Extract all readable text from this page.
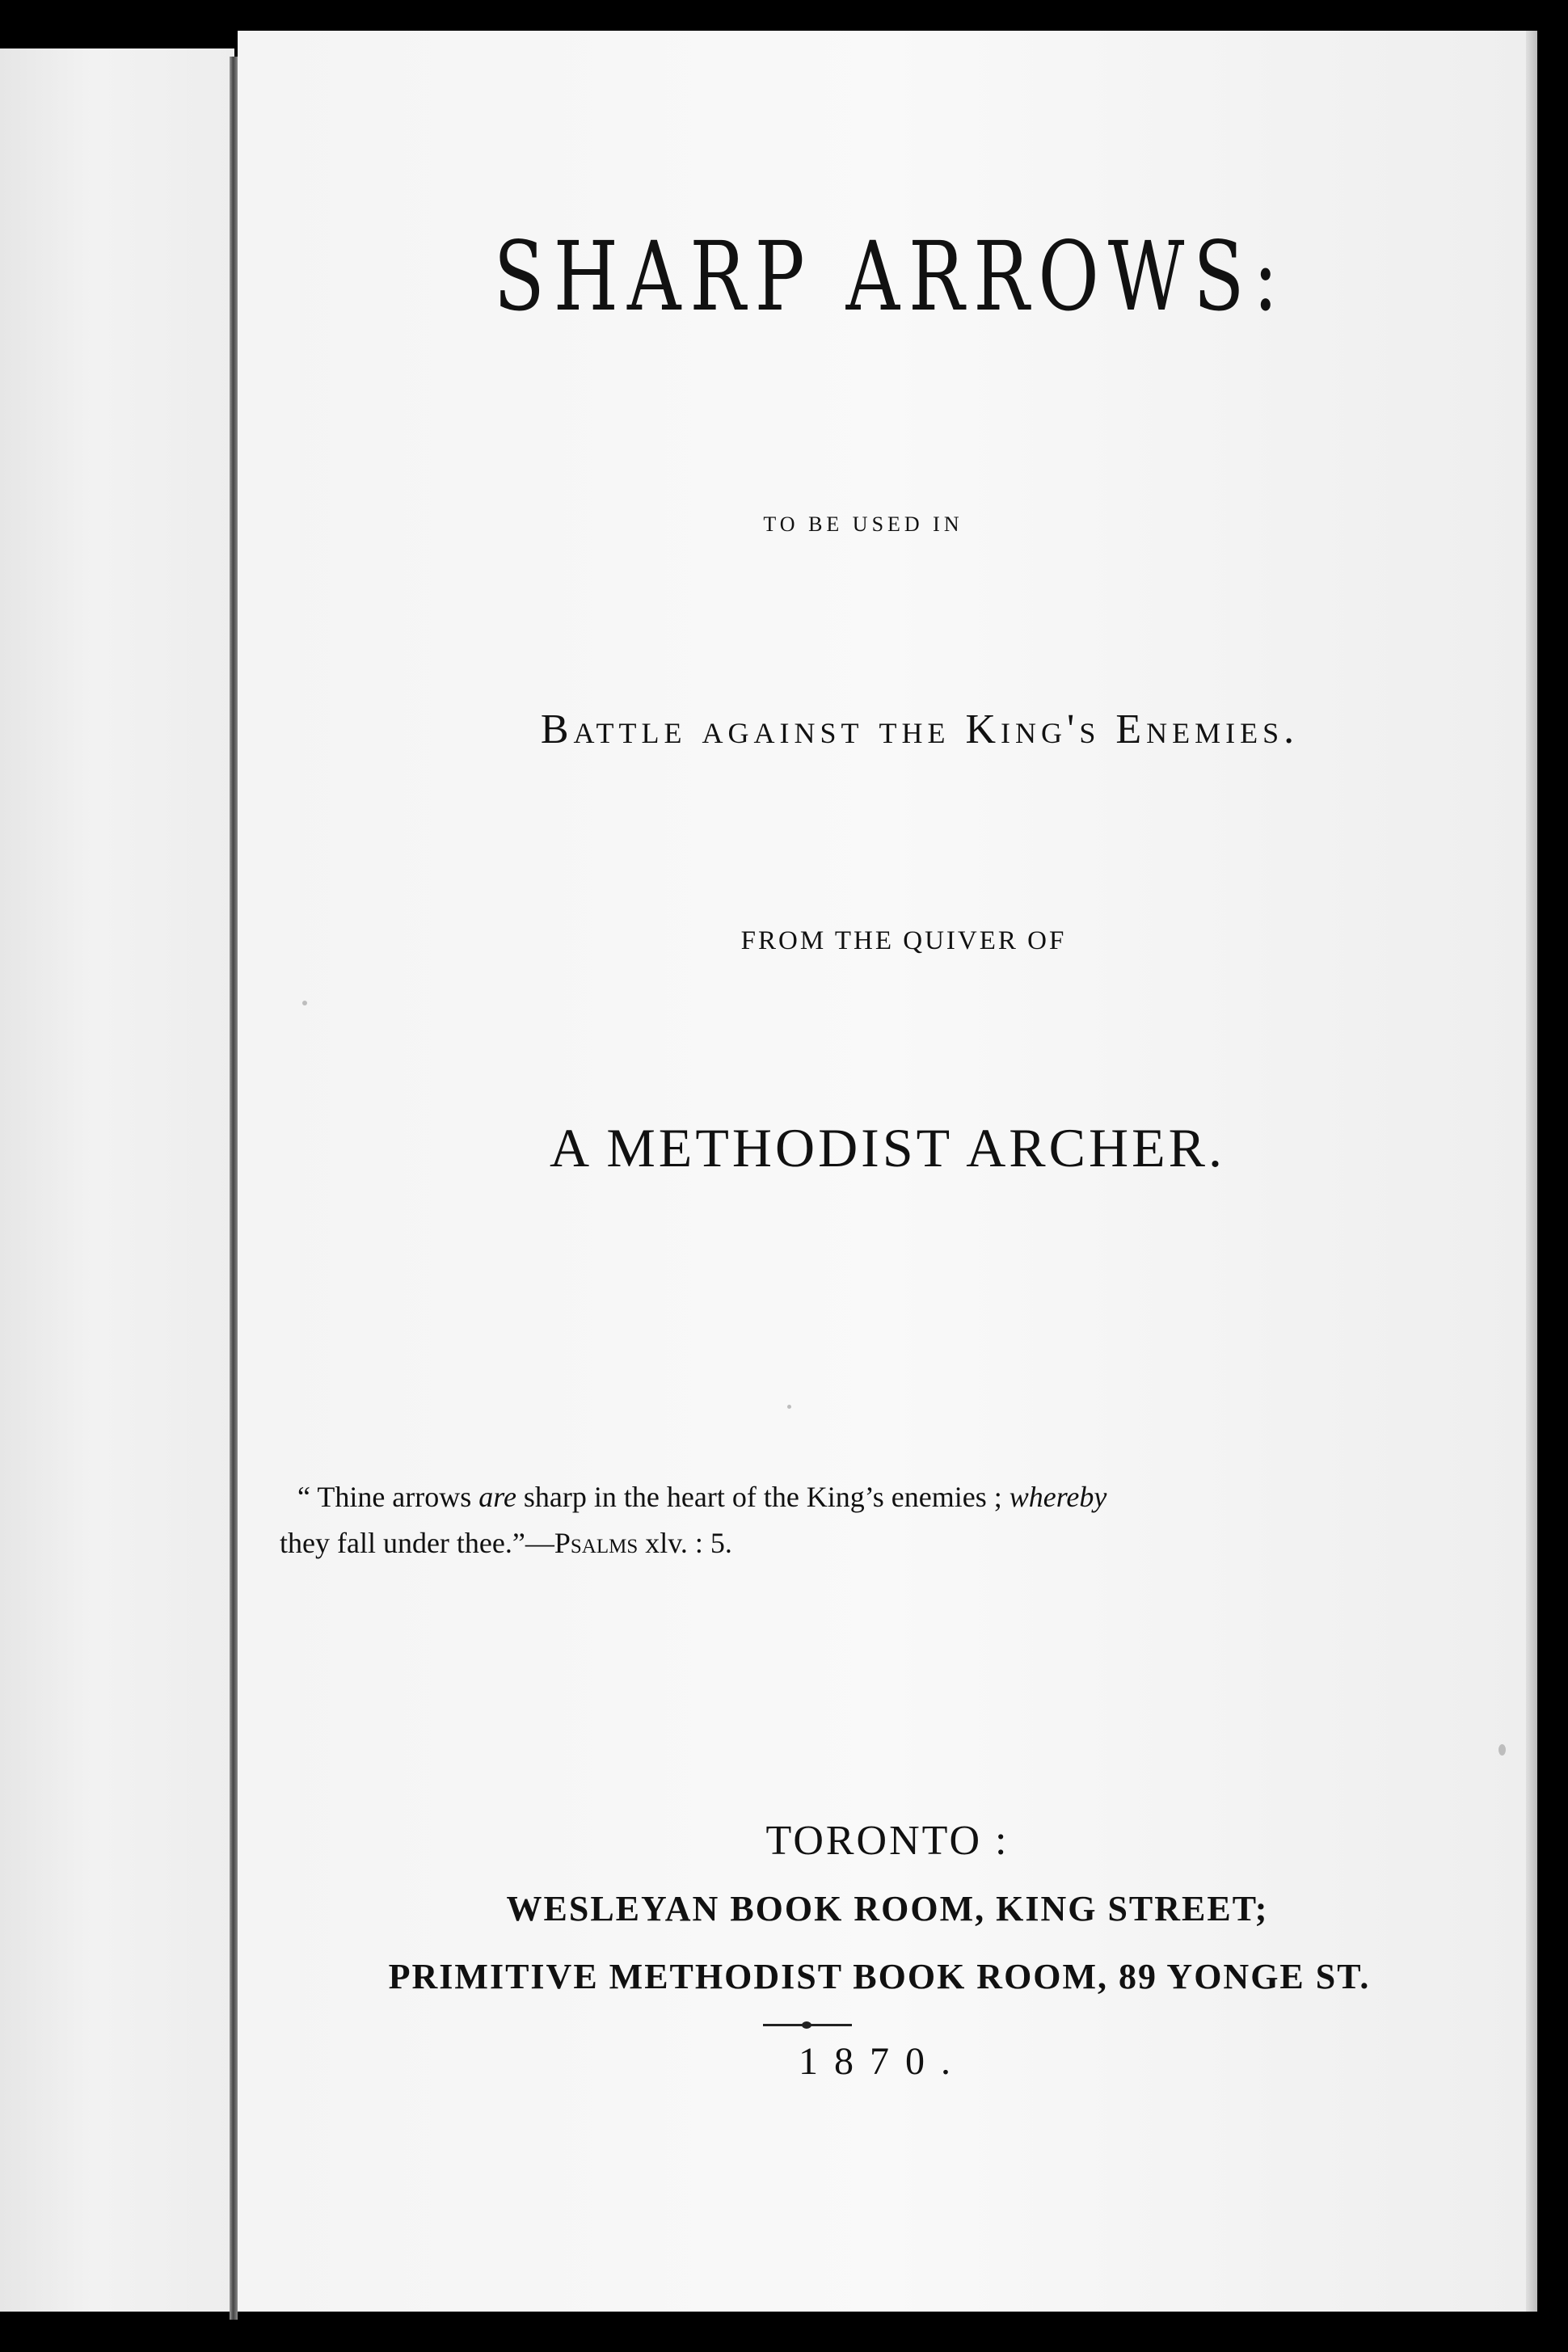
SHARP ARROWS:
TO BE USED IN
Battle against the King's Enemies.
FROM THE QUIVER OF
A METHODIST ARCHER.

“ Thine arrows are sharp in the heart of the King’s enemies ; whereby

they fall under thee.”—Psalms xlv. : 5.

TORONTO :
WESLEYAN BOOK ROOM, KING STREET;
PRIMITIVE METHODIST BOOK ROOM, 89 YONGE ST.
1870.
